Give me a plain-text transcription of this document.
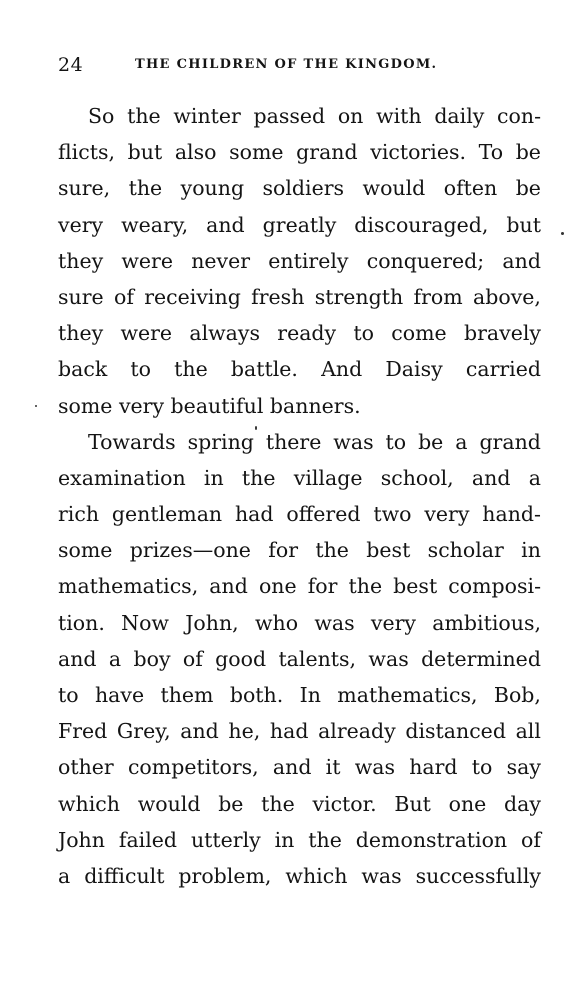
24	THE CHILDREN OF THE KINGDOM.
So the winter passed on with daily con-
flicts, but also some grand victories. To be
sure, the young soldiers would often be
very weary, and greatly discouraged, but
they were never entirely conquered; and
sure of receiving fresh strength from above,
they were always ready to come bravely
back to the battle. And Daisy carried
some very beautiful banners.
Towards spring there was to be a grand
examination in the village school, and a
rich gentleman had offered two very hand-
some prizes—one for the best scholar in
mathematics, and one for the best composi-
tion. Now John, who was very ambitious,
and a boy of good talents, was determined
to have them both. In mathematics, Bob,
Fred Grey, and he, had already distanced all
other competitors, and it was hard to say
which would be the victor. But one day
John failed utterly in the demonstration of
a difficult problem, which was successfully
